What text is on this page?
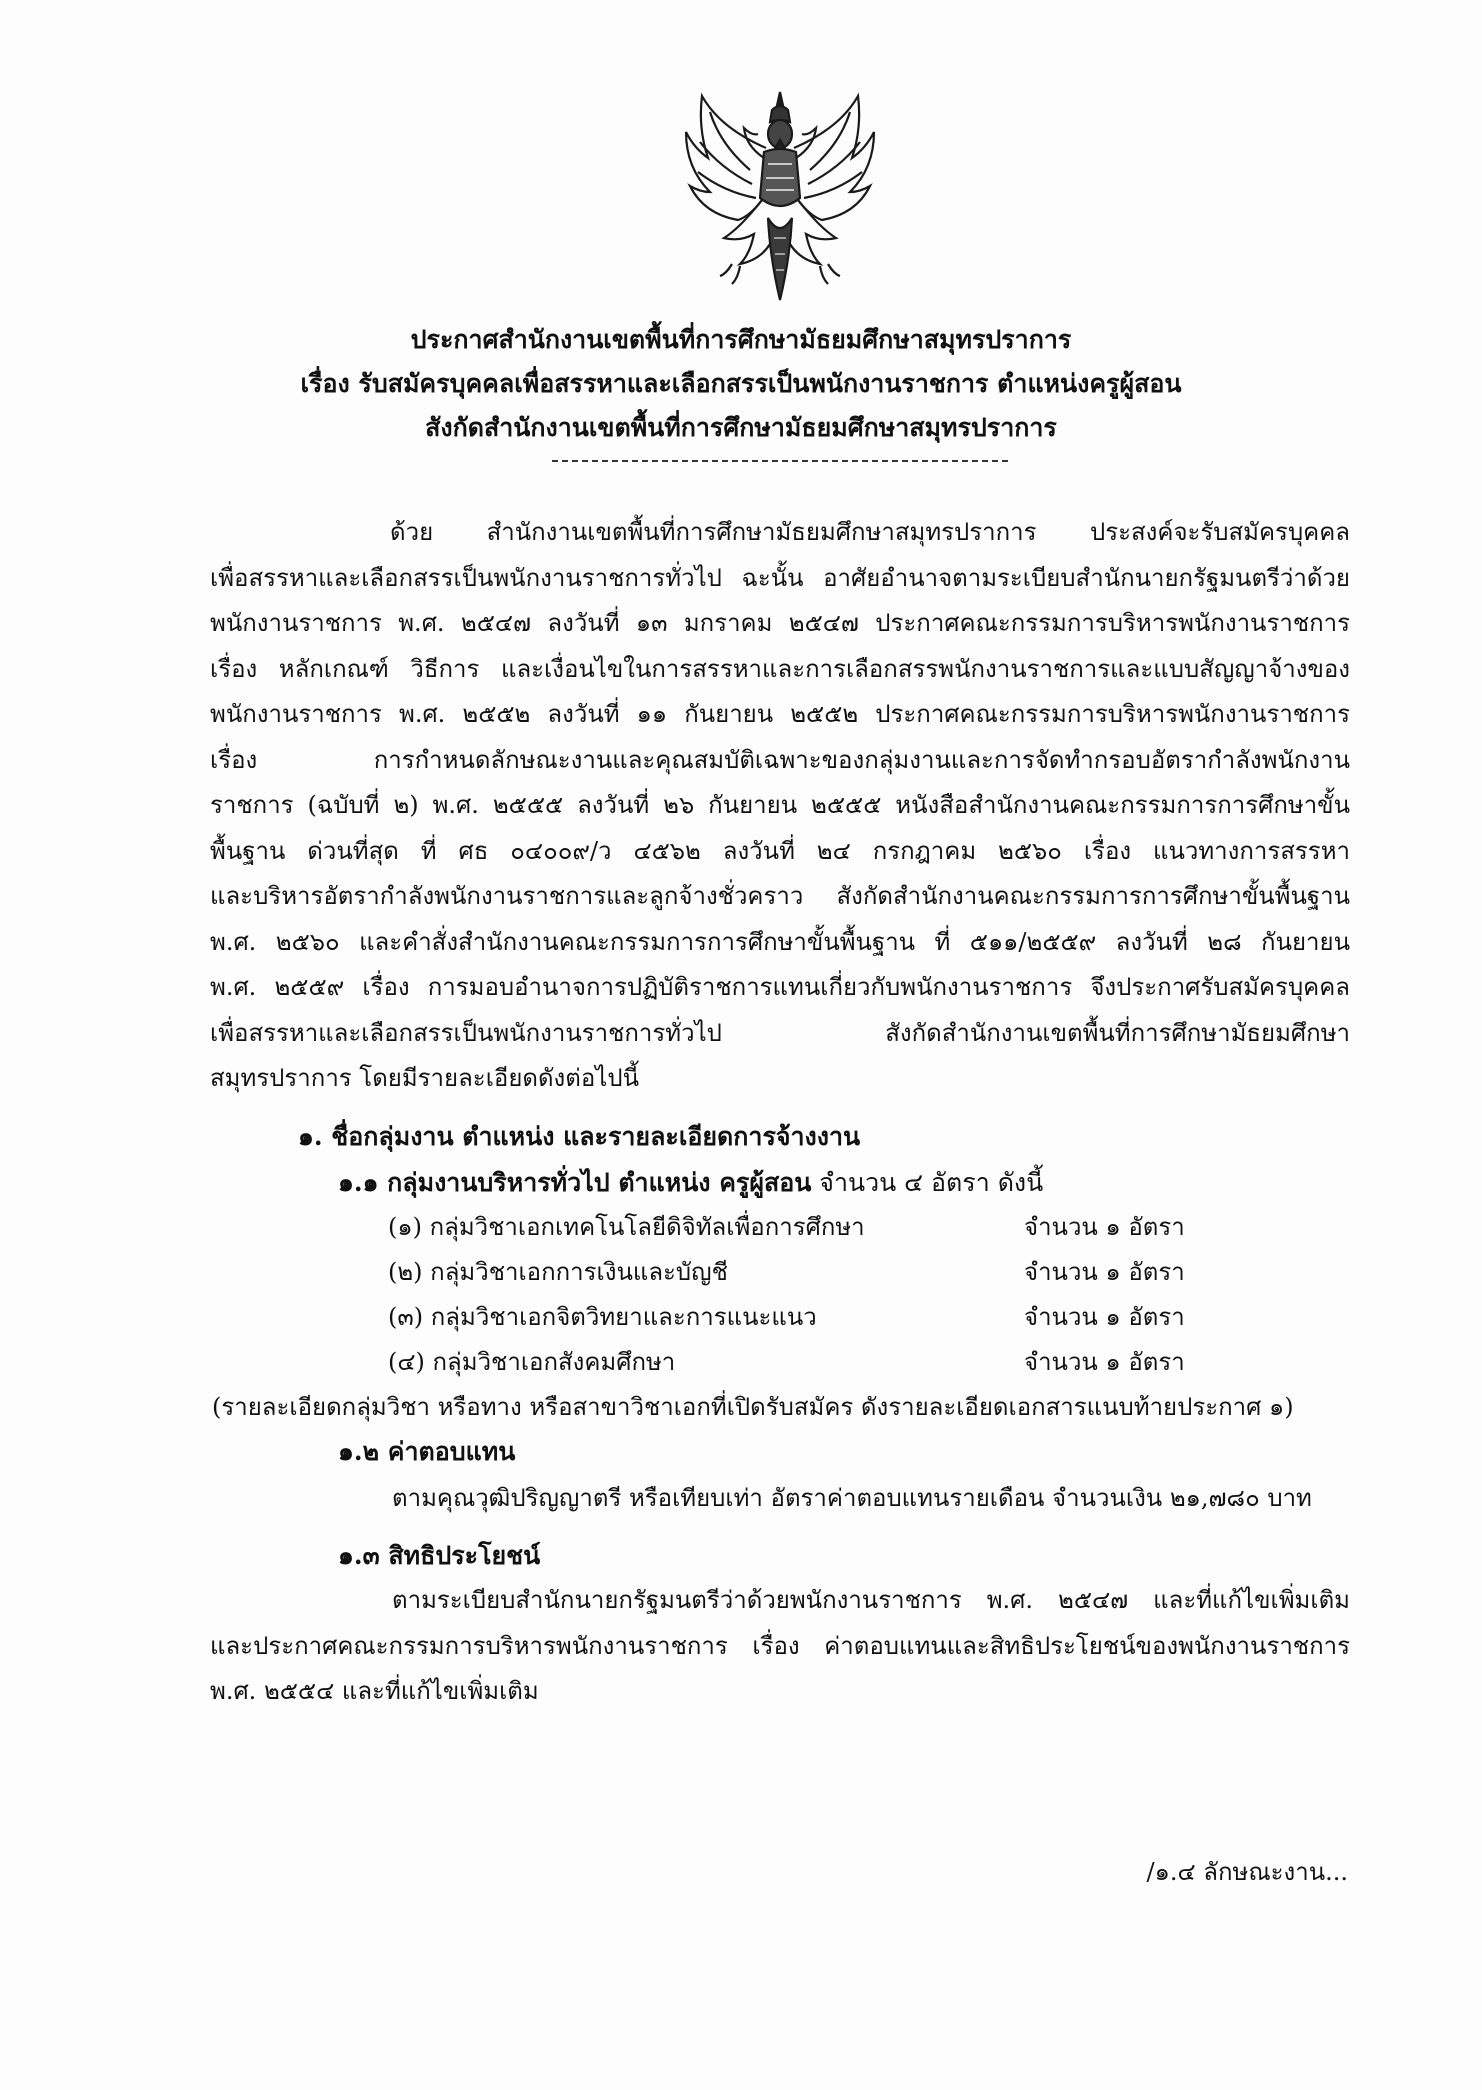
ประกาศสำนักงานเขตพื้นที่การศึกษามัธยมศึกษาสมุทรปราการ
เรื่อง รับสมัครบุคคลเพื่อสรรหาและเลือกสรรเป็นพนักงานราชการ ตำแหน่งครูผู้สอน
สังกัดสำนักงานเขตพื้นที่การศึกษามัธยมศึกษาสมุทรปราการ
ด้วย สำนักงานเขตพื้นที่การศึกษามัธยมศึกษาสมุทรปราการ ประสงค์จะรับสมัครบุคคล
เพื่อสรรหาและเลือกสรรเป็นพนักงานราชการทั่วไป ฉะนั้น อาศัยอำนาจตามระเบียบสำนักนายกรัฐมนตรีว่าด้วย
พนักงานราชการ พ.ศ. ๒๕๔๗ ลงวันที่ ๑๓ มกราคม ๒๕๔๗ ประกาศคณะกรรมการบริหารพนักงานราชการ
เรื่อง หลักเกณฑ์ วิธีการ และเงื่อนไขในการสรรหาและการเลือกสรรพนักงานราชการและแบบสัญญาจ้างของ
พนักงานราชการ พ.ศ. ๒๕๕๒ ลงวันที่ ๑๑ กันยายน ๒๕๕๒ ประกาศคณะกรรมการบริหารพนักงานราชการ
เรื่อง การกำหนดลักษณะงานและคุณสมบัติเฉพาะของกลุ่มงานและการจัดทำกรอบอัตรากำลังพนักงาน
ราชการ (ฉบับที่ ๒) พ.ศ. ๒๕๕๕ ลงวันที่ ๒๖ กันยายน ๒๕๕๕ หนังสือสำนักงานคณะกรรมการการศึกษาขั้น
พื้นฐาน ด่วนที่สุด ที่ ศธ ๐๔๐๐๙/ว ๔๕๖๒ ลงวันที่ ๒๔ กรกฎาคม ๒๕๖๐ เรื่อง แนวทางการสรรหา
และบริหารอัตรากำลังพนักงานราชการและลูกจ้างชั่วคราว สังกัดสำนักงานคณะกรรมการการศึกษาขั้นพื้นฐาน
พ.ศ. ๒๕๖๐ และคำสั่งสำนักงานคณะกรรมการการศึกษาขั้นพื้นฐาน ที่ ๕๑๑/๒๕๕๙ ลงวันที่ ๒๘ กันยายน
พ.ศ. ๒๕๕๙ เรื่อง การมอบอำนาจการปฏิบัติราชการแทนเกี่ยวกับพนักงานราชการ จึงประกาศรับสมัครบุคคล
เพื่อสรรหาและเลือกสรรเป็นพนักงานราชการทั่วไป สังกัดสำนักงานเขตพื้นที่การศึกษามัธยมศึกษา
สมุทรปราการ โดยมีรายละเอียดดังต่อไปนี้
๑. ชื่อกลุ่มงาน ตำแหน่ง และรายละเอียดการจ้างงาน
๑.๑ กลุ่มงานบริหารทั่วไป ตำแหน่ง ครูผู้สอน จำนวน ๔ อัตรา ดังนี้
(๑) กลุ่มวิชาเอกเทคโนโลยีดิจิทัลเพื่อการศึกษา	จำนวน ๑ อัตรา
(๒) กลุ่มวิชาเอกการเงินและบัญชี	จำนวน ๑ อัตรา
(๓) กลุ่มวิชาเอกจิตวิทยาและการแนะแนว	จำนวน ๑ อัตรา
(๔) กลุ่มวิชาเอกสังคมศึกษา	จำนวน ๑ อัตรา
(รายละเอียดกลุ่มวิชา หรือทาง หรือสาขาวิชาเอกที่เปิดรับสมัคร ดังรายละเอียดเอกสารแนบท้ายประกาศ ๑)
๑.๒ ค่าตอบแทน
ตามคุณวุฒิปริญญาตรี หรือเทียบเท่า อัตราค่าตอบแทนรายเดือน จำนวนเงิน ๒๑,๗๘๐ บาท
๑.๓ สิทธิประโยชน์
ตามระเบียบสำนักนายกรัฐมนตรีว่าด้วยพนักงานราชการ พ.ศ. ๒๕๔๗ และที่แก้ไขเพิ่มเติม
และประกาศคณะกรรมการบริหารพนักงานราชการ เรื่อง ค่าตอบแทนและสิทธิประโยชน์ของพนักงานราชการ
พ.ศ. ๒๕๕๔ และที่แก้ไขเพิ่มเติม
/๑.๔ ลักษณะงาน...
